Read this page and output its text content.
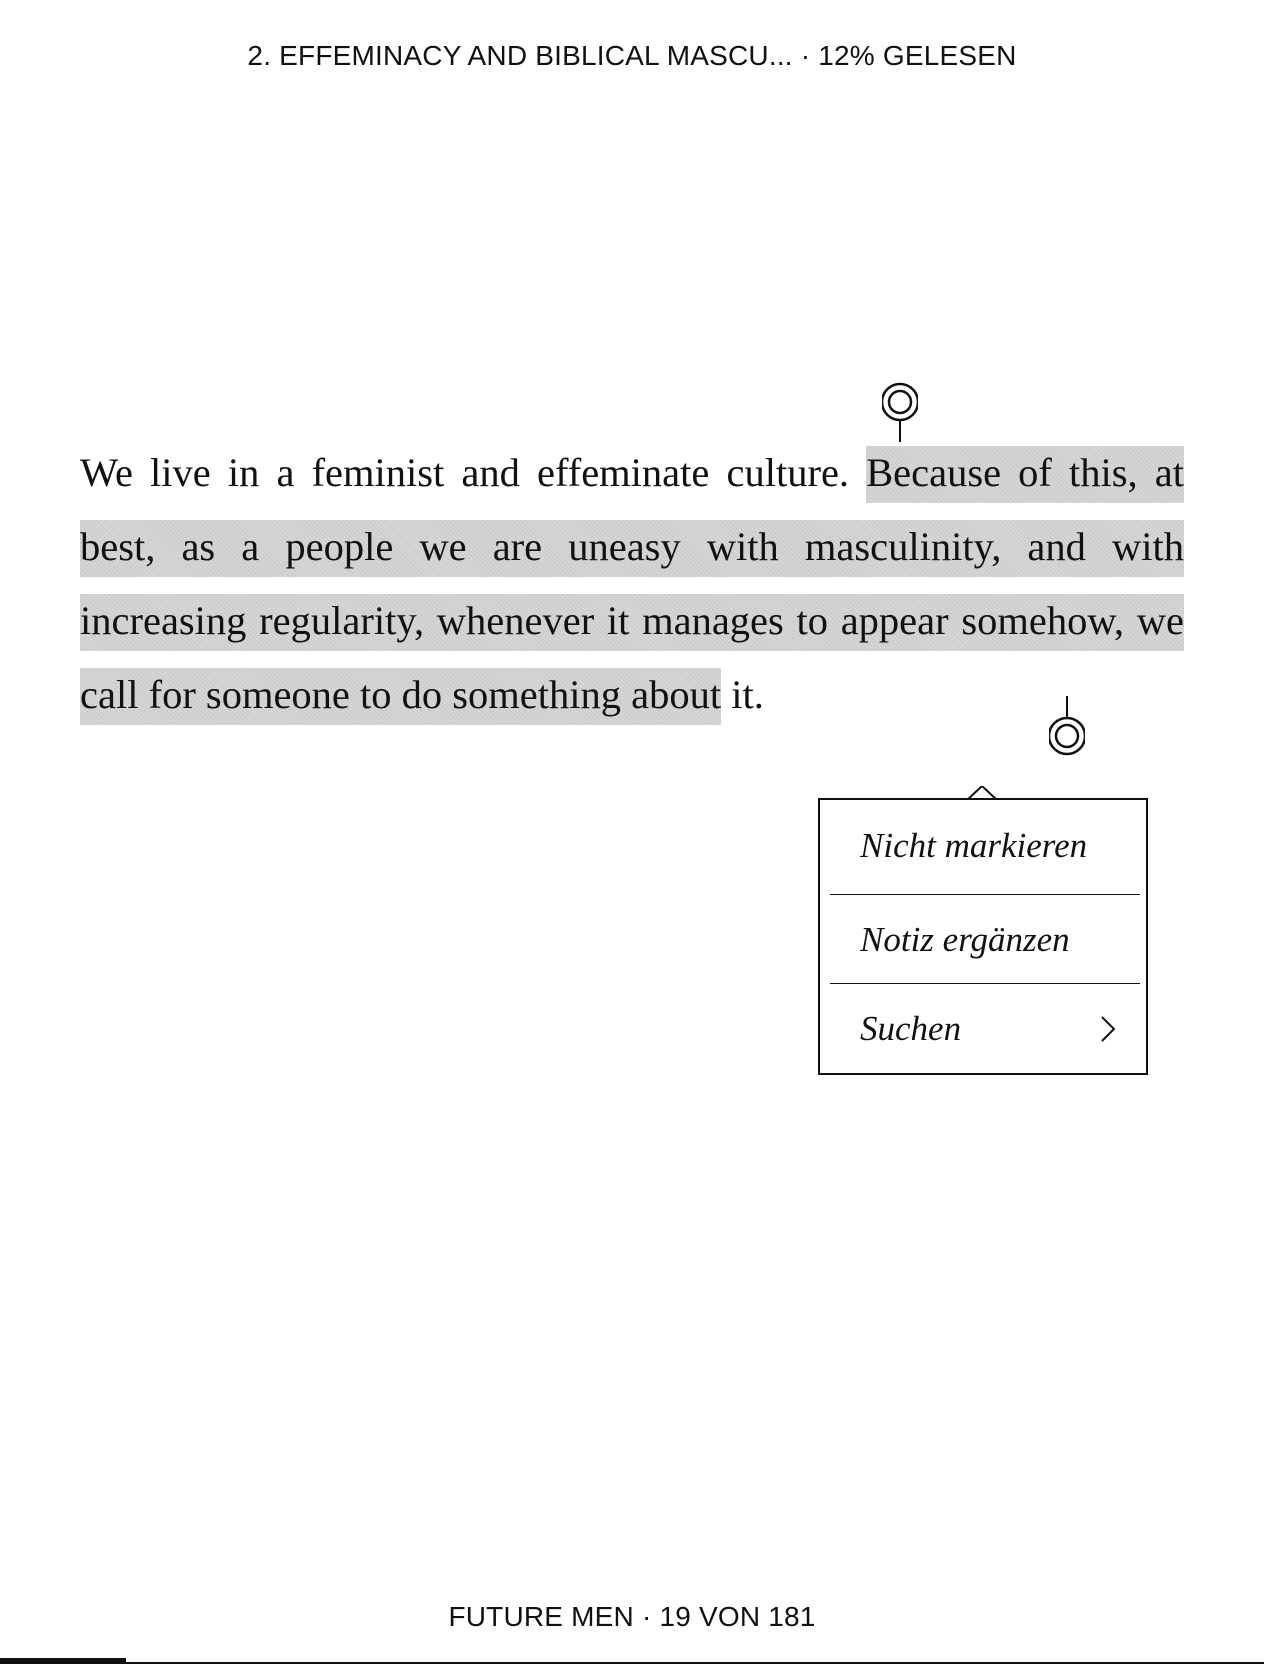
2. EFFEMINACY AND BIBLICAL MASCU... · 12% GELESEN
We live in a feminist and effeminate culture. Because of this, at best, as a people we are uneasy with masculinity, and with increasing regularity, whenever it manages to appear somehow, we call for someone to do something about it.
Nicht markieren
Notiz ergänzen
Suchen
FUTURE MEN · 19 VON 181
